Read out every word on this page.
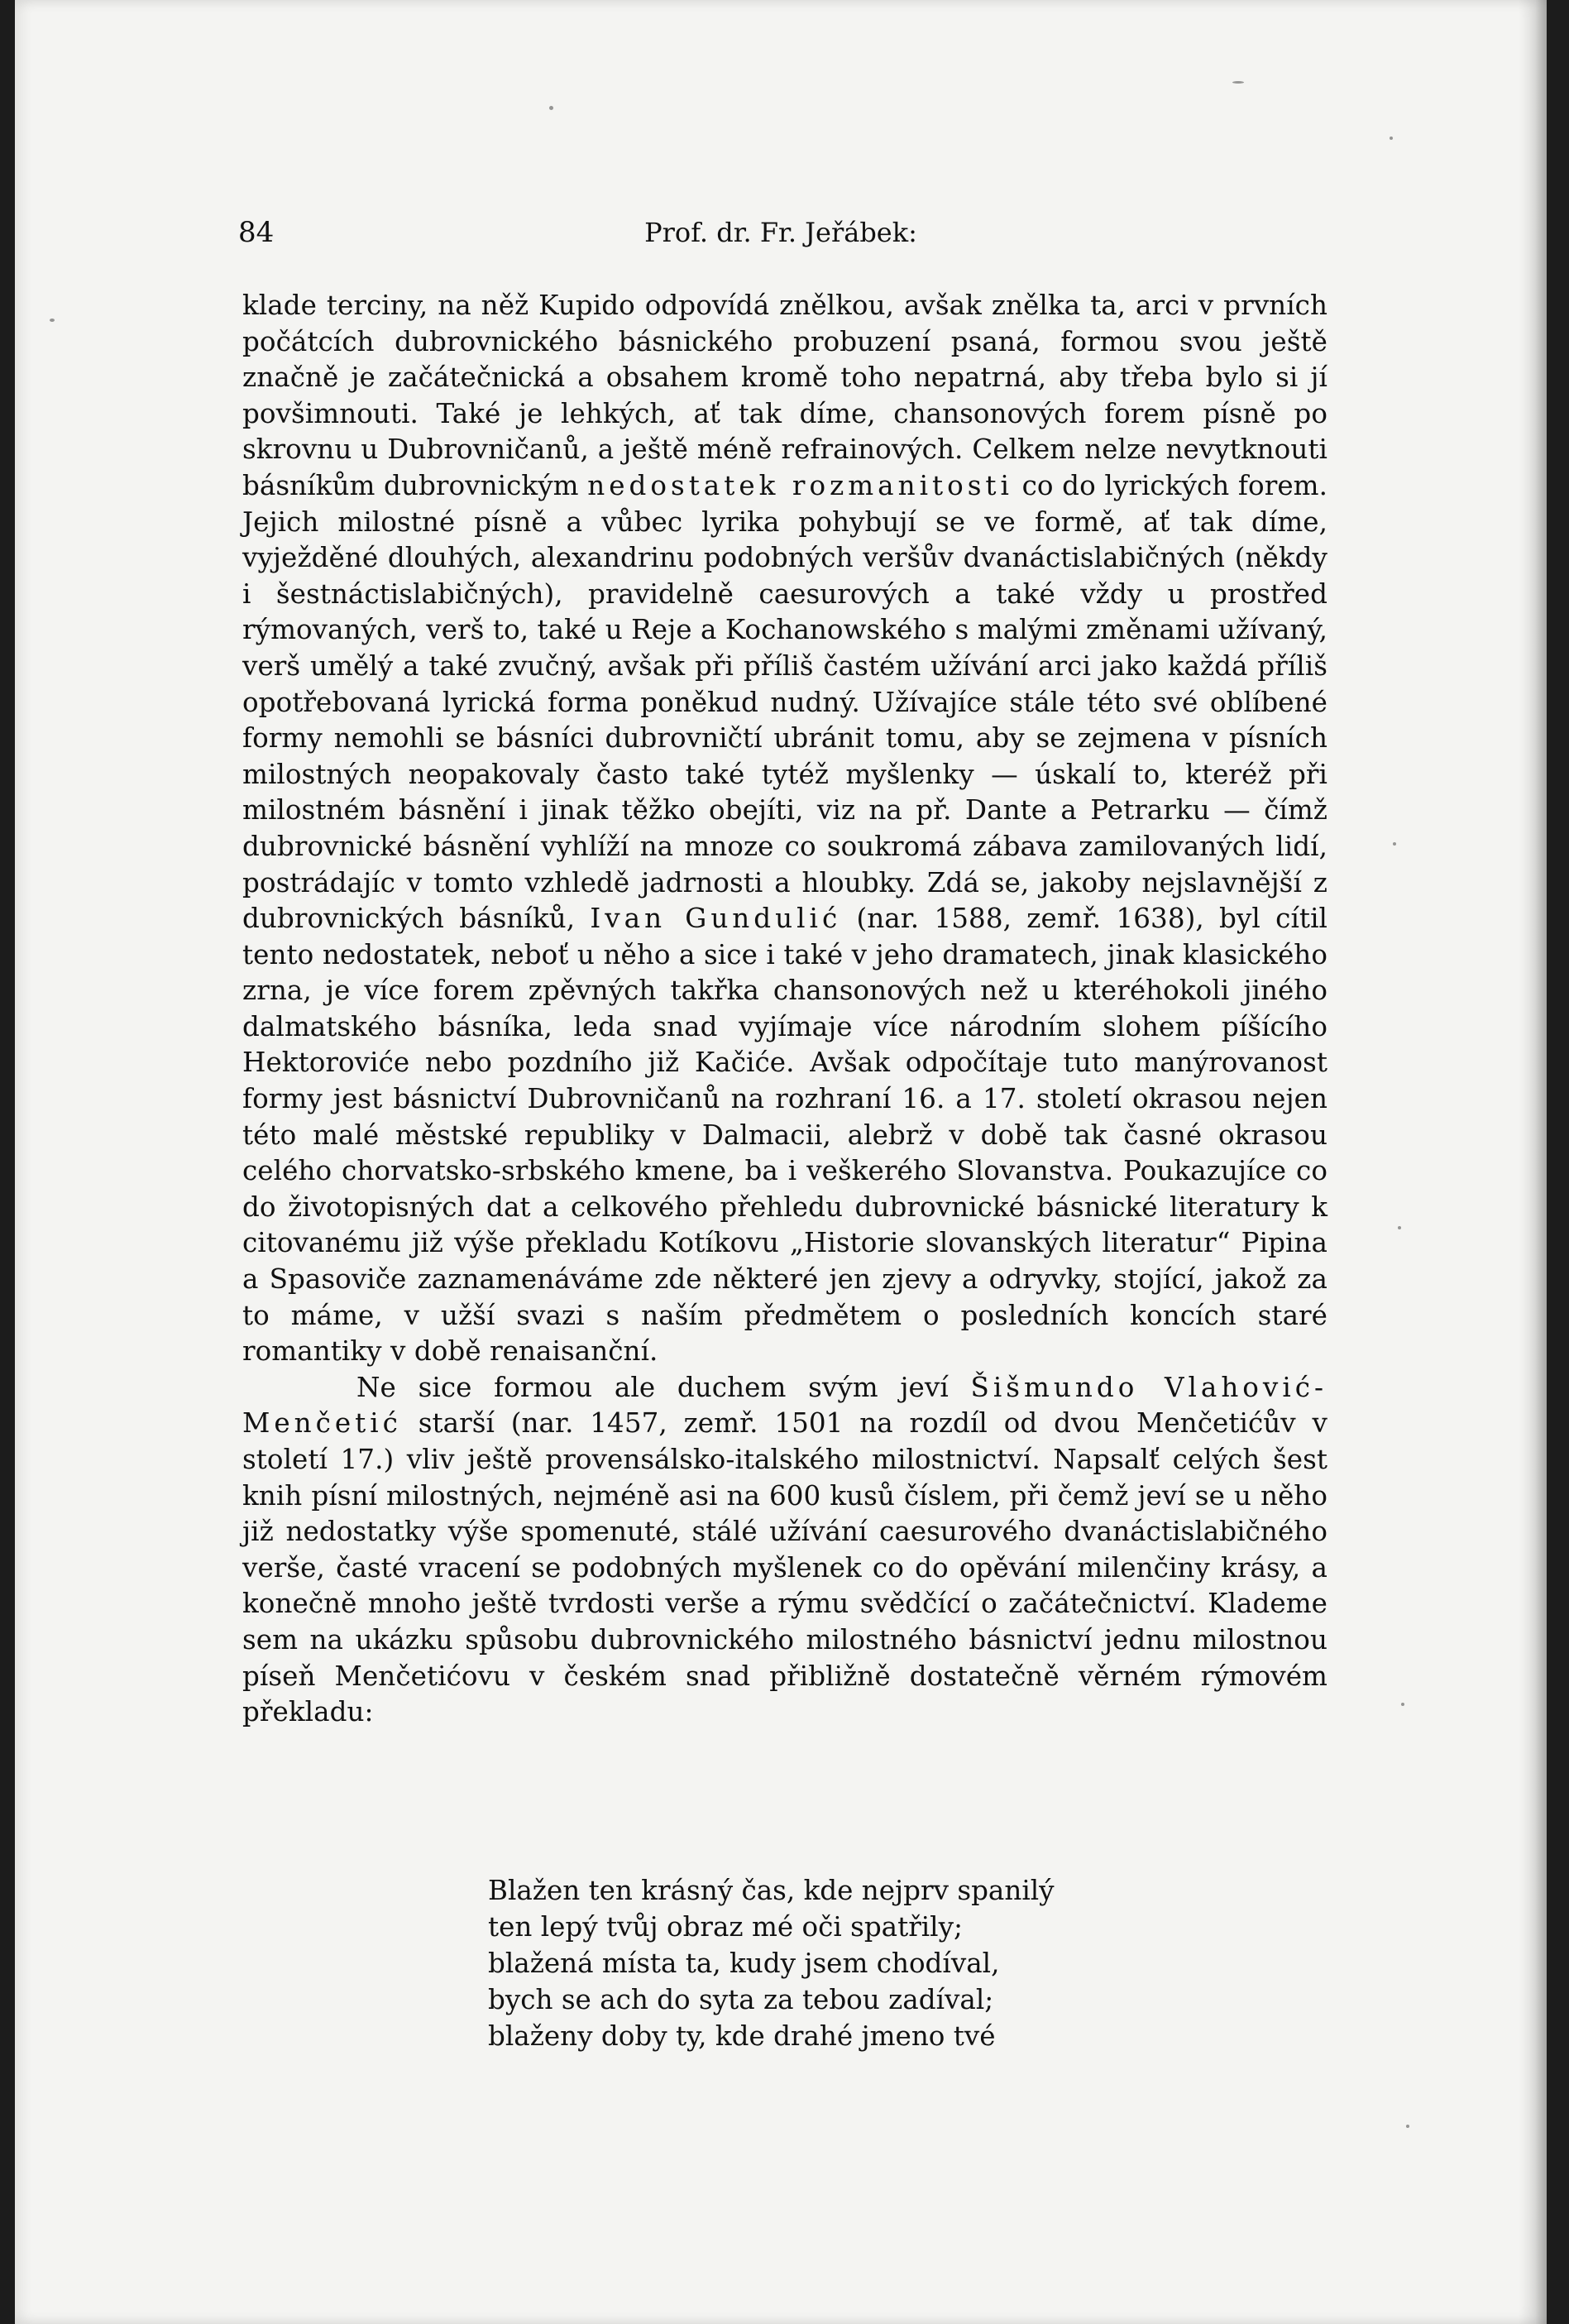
84	Prof. dr. Fr. Jeřábek:

klade terciny, na něž Kupido odpovídá znělkou, avšak znělka ta, arci v prvních počátcích dubrovnického básnického probuzení psaná, formou svou ještě značně je začátečnická a obsahem kromě toho nepatrná, aby třeba bylo si jí povšimnouti. Také je lehkých, ať tak díme, chansonových forem písně po skrovnu u Dubrovničanů, a ještě méně refrainových. Celkem nelze nevytknouti básníkům dubrovnickým nedostatek rozmanitosti co do lyrických forem. Jejich milostné písně a vůbec lyrika pohybují se ve formě, ať tak díme, vyježděné dlouhých, alexandrinu podobných veršův dvanáctislabičných (někdy i šestnáctislabičných), pravidelně caesurových a také vždy u prostřed rýmovaných, verš to, také u Reje a Kochanowského s malými změnami užívaný, verš umělý a také zvučný, avšak při příliš častém užívání arci jako každá příliš opotřebovaná lyrická forma poněkud nudný. Užívajíce stále této své oblíbené formy nemohli se básníci dubrovničtí ubránit tomu, aby se zejmena v písních milostných neopakovaly často také tytéž myšlenky — úskalí to, kteréž při milostném básnění i jinak těžko obejíti, viz na př. Dante a Petrarku — čímž dubrovnické básnění vyhlíží na mnoze co soukromá zábava zamilovaných lidí, postrádajíc v tomto vzhledě jadrnosti a hloubky. Zdá se, jakoby nejslavnější z dubrovnických básníků, Ivan Gundulić (nar. 1588, zemř. 1638), byl cítil tento nedostatek, neboť u něho a sice i také v jeho dramatech, jinak klasického zrna, je více forem zpěvných takřka chansonových než u kteréhokoli jiného dalmatského básníka, leda snad vyjímaje více národním slohem píšícího Hektoroviće nebo pozdního již Kačiće. Avšak odpočítaje tuto manýrovanost formy jest básnictví Dubrovničanů na rozhraní 16. a 17. století okrasou nejen této malé městské republiky v Dalmacii, alebrž v době tak časné okrasou celého chorvatsko-srbského kmene, ba i veškerého Slovanstva. Poukazujíce co do životopisných dat a celkového přehledu dubrovnické básnické literatury k citovanému již výše překladu Kotíkovu „Historie slovanských literatur“ Pipina a Spasoviče zaznamenáváme zde některé jen zjevy a odryvky, stojící, jakož za to máme, v užší svazi s naším předmětem o posledních koncích staré romantiky v době renaisanční.

Ne sice formou ale duchem svým jeví Šišmundo Vlahović-Menčetić starší (nar. 1457, zemř. 1501 na rozdíl od dvou Menčetićův v století 17.) vliv ještě provensálsko-italského milostnictví. Napsalť celých šest knih písní milostných, nejméně asi na 600 kusů číslem, při čemž jeví se u něho již nedostatky výše spomenuté, stálé užívání caesurového dvanáctislabičného verše, časté vracení se podobných myšlenek co do opěvání milenčiny krásy, a konečně mnoho ještě tvrdosti verše a rýmu svědčící o začátečnictví. Klademe sem na ukázku spůsobu dubrovnického milostného básnictví jednu milostnou píseň Menčetićovu v českém snad přibližně dostatečně věrném rýmovém překladu:

Blažen ten krásný čas, kde nejprv spanilý
ten lepý tvůj obraz mé oči spatřily;
blažená místa ta, kudy jsem chodíval,
bych se ach do syta za tebou zadíval;
blaženy doby ty, kde drahé jmeno tvé
